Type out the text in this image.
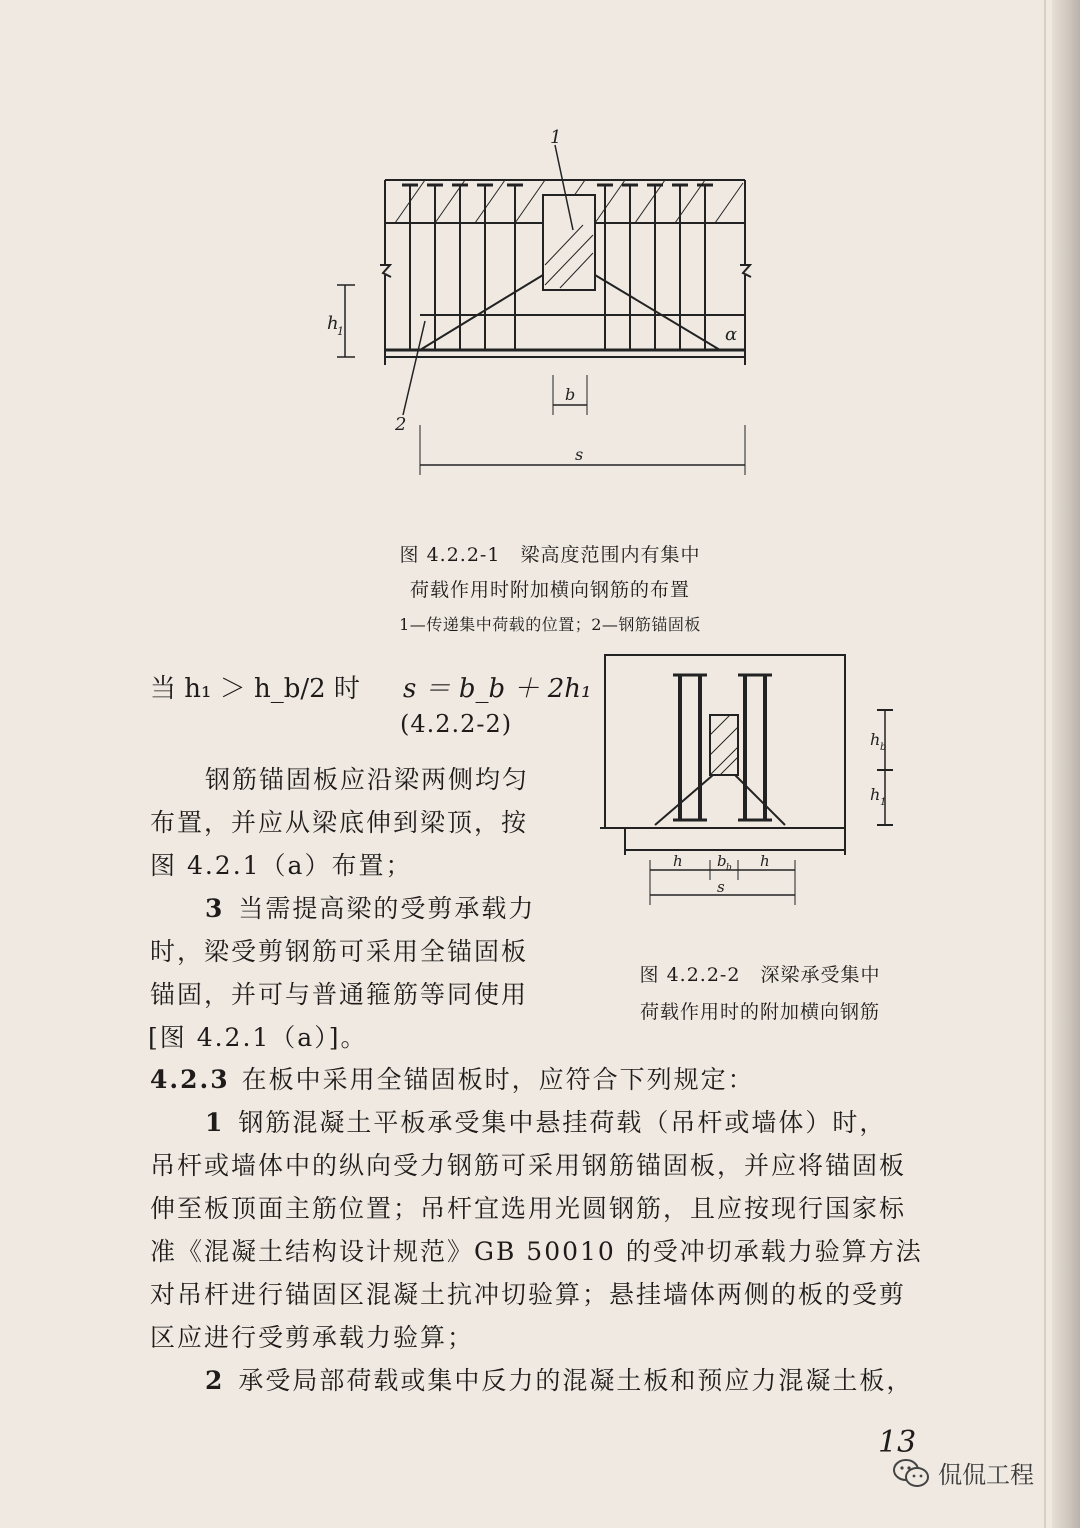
1
2
h
1	α
b
s
图 4.2.2-1　梁高度范围内有集中
荷载作用时附加横向钢筋的布置
1—传递集中荷载的位置；2—钢筋锚固板
当 h₁ ＞ h_b/2 时 s ＝ b_b ＋ 2h₁
(4.2.2-2)
钢筋锚固板应沿梁两侧均匀
布置，并应从梁底伸到梁顶，按
图 4.2.1（a）布置；
3 当需提高梁的受剪承载力
时，梁受剪钢筋可采用全锚固板
锚固，并可与普通箍筋等同使用
[图 4.2.1（a）]。
h b
h 1
h b b h
s
图 4.2.2-2　深梁承受集中
荷载作用时的附加横向钢筋
4.2.3 在板中采用全锚固板时，应符合下列规定：
1 钢筋混凝土平板承受集中悬挂荷载（吊杆或墙体）时，
吊杆或墙体中的纵向受力钢筋可采用钢筋锚固板，并应将锚固板
伸至板顶面主筋位置；吊杆宜选用光圆钢筋，且应按现行国家标
准《混凝土结构设计规范》GB 50010 的受冲切承载力验算方法
对吊杆进行锚固区混凝土抗冲切验算；悬挂墙体两侧的板的受剪
区应进行受剪承载力验算；
2 承受局部荷载或集中反力的混凝土板和预应力混凝土板，
13
侃侃工程
